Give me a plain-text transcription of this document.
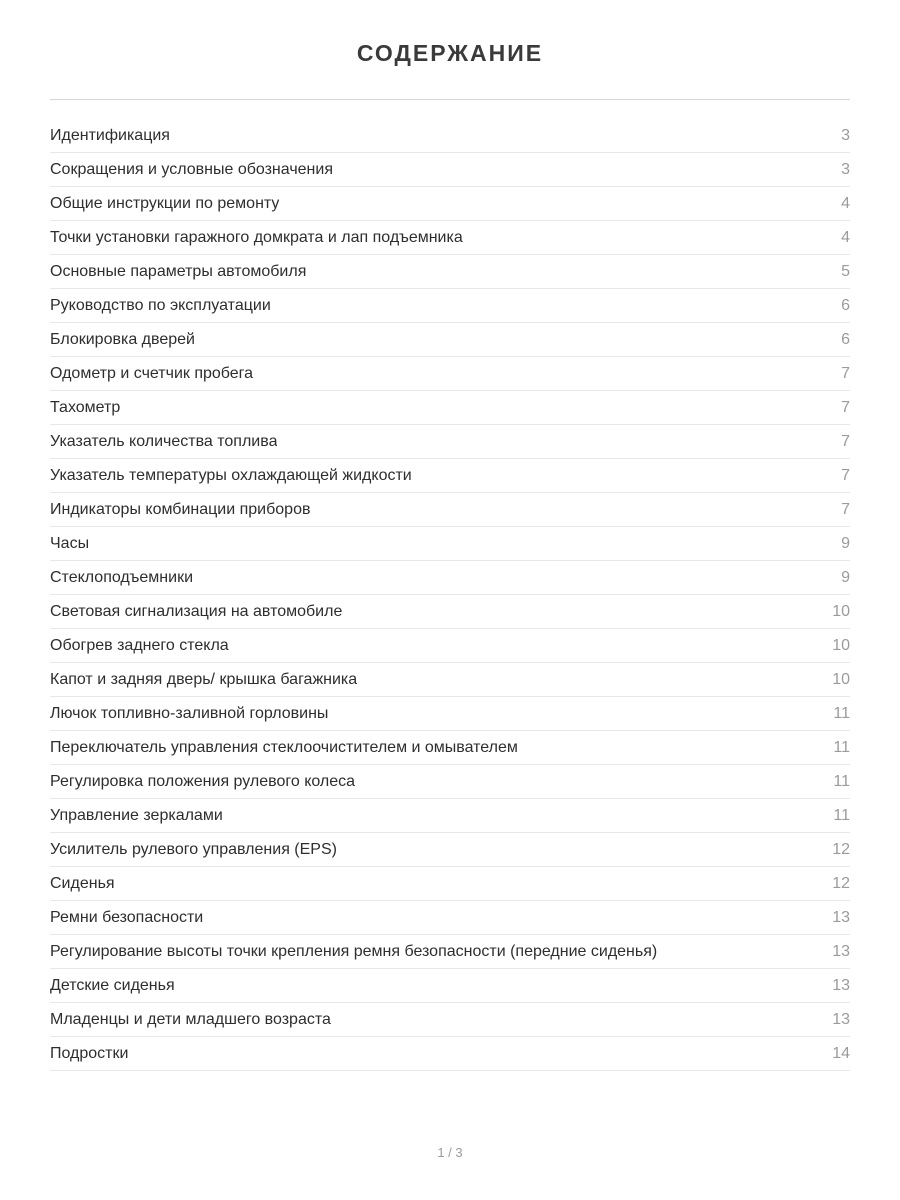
СОДЕРЖАНИЕ
Идентификация	3
Сокращения и условные обозначения	3
Общие инструкции по ремонту	4
Точки установки гаражного домкрата и лап подъемника	4
Основные параметры автомобиля	5
Руководство по эксплуатации	6
Блокировка дверей	6
Одометр и счетчик пробега	7
Тахометр	7
Указатель количества топлива	7
Указатель температуры охлаждающей жидкости	7
Индикаторы комбинации приборов	7
Часы	9
Стеклоподъемники	9
Световая сигнализация на автомобиле	10
Обогрев заднего стекла	10
Капот и задняя дверь/ крышка багажника	10
Лючок топливно-заливной горловины	11
Переключатель управления стеклоочистителем и омывателем	11
Регулировка положения рулевого колеса	11
Управление зеркалами	11
Усилитель рулевого управления (EPS)	12
Сиденья	12
Ремни безопасности	13
Регулирование высоты точки крепления ремня безопасности (передние сиденья)	13
Детские сиденья	13
Младенцы и дети младшего возраста	13
Подростки	14
1 / 3
